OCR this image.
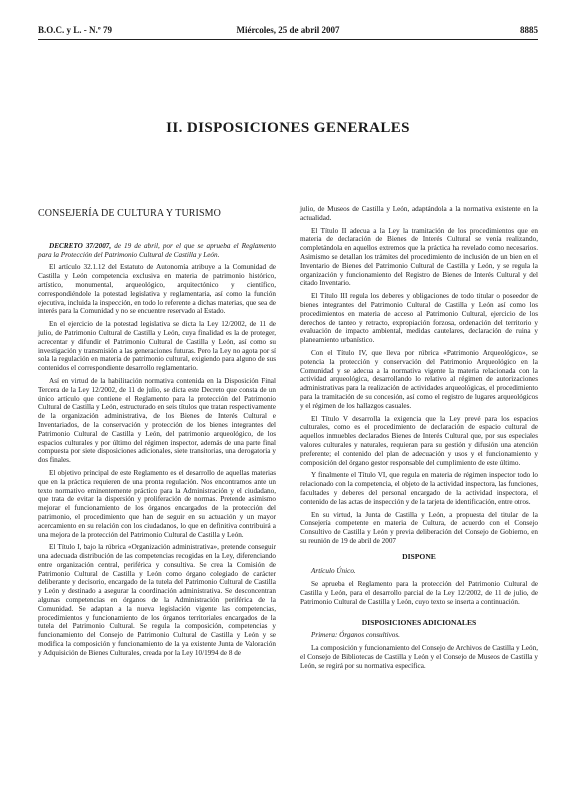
B.O.C. y L. - N.º 79	Miércoles, 25 de abril 2007	8885
II. DISPOSICIONES GENERALES
CONSEJERÍA DE CULTURA Y TURISMO

DECRETO 37/2007, de 19 de abril, por el que se aprueba el Reglamento para la Protección del Patrimonio Cultural de Castilla y León.

El artículo 32.1.12 del Estatuto de Autonomía atribuye a la Comunidad de Castilla y León competencia exclusiva en materia de patrimonio histórico, artístico, monumental, arqueológico, arquitectónico y científico, correspondiéndole la potestad legislativa y reglamentaria, así como la función ejecutiva, incluida la inspección, en todo lo referente a dichas materias, que sea de interés para la Comunidad y no se encuentre reservado al Estado.

En el ejercicio de la potestad legislativa se dicta la Ley 12/2002, de 11 de julio, de Patrimonio Cultural de Castilla y León, cuya finalidad es la de proteger, acrecentar y difundir el Patrimonio Cultural de Castilla y León, así como su investigación y transmisión a las generaciones futuras. Pero la Ley no agota por sí sola la regulación en materia de patrimonio cultural, exigiendo para alguno de sus contenidos el correspondiente desarrollo reglamentario.

Así en virtud de la habilitación normativa contenida en la Disposición Final Tercera de la Ley 12/2002, de 11 de julio, se dicta este Decreto que consta de un único artículo que contiene el Reglamento para la protección del Patrimonio Cultural de Castilla y León, estructurado en seis títulos que tratan respectivamente de la organización administrativa, de los Bienes de Interés Cultural e Inventariados, de la conservación y protección de los bienes integrantes del Patrimonio Cultural de Castilla y León, del patrimonio arqueológico, de los espacios culturales y por último del régimen inspector, además de una parte final compuesta por siete disposiciones adicionales, siete transitorias, una derogatoria y dos finales.

El objetivo principal de este Reglamento es el desarrollo de aquellas materias que en la práctica requieren de una pronta regulación. Nos encontramos ante un texto normativo eminentemente práctico para la Administración y el ciudadano, que trata de evitar la dispersión y proliferación de normas. Pretende asimismo mejorar el funcionamiento de los órganos encargados de la protección del patrimonio, el procedimiento que han de seguir en su actuación y un mayor acercamiento en su relación con los ciudadanos, lo que en definitiva contribuirá a una mejora de la protección del Patrimonio Cultural de Castilla y León.

El Título I, bajo la rúbrica «Organización administrativa», pretende conseguir una adecuada distribución de las competencias recogidas en la Ley, diferenciando entre organización central, periférica y consultiva. Se crea la Comisión de Patrimonio Cultural de Castilla y León como órgano colegiado de carácter deliberante y decisorio, encargado de la tutela del Patrimonio Cultural de Castilla y León y destinado a asegurar la coordinación administrativa. Se desconcentran algunas competencias en órganos de la Administración periférica de la Comunidad. Se adaptan a la nueva legislación vigente las competencias, procedimientos y funcionamiento de los órganos territoriales encargados de la tutela del Patrimonio Cultural. Se regula la composición, competencias y funcionamiento del Consejo de Patrimonio Cultural de Castilla y León y se modifica la composición y funcionamiento de la ya existente Junta de Valoración y Adquisición de Bienes Culturales, creada por la Ley 10/1994 de 8 de

julio, de Museos de Castilla y León, adaptándola a la normativa existente en la actualidad.

El Título II adecua a la Ley la tramitación de los procedimientos que en materia de declaración de Bienes de Interés Cultural se venía realizando, completándola en aquellos extremos que la práctica ha revelado como necesarios. Asimismo se detallan los trámites del procedimiento de inclusión de un bien en el Inventario de Bienes del Patrimonio Cultural de Castilla y León, y se regula la organización y funcionamiento del Registro de Bienes de Interés Cultural y del citado Inventario.

El Título III regula los deberes y obligaciones de todo titular o poseedor de bienes integrantes del Patrimonio Cultural de Castilla y León así como los procedimientos en materia de acceso al Patrimonio Cultural, ejercicio de los derechos de tanteo y retracto, expropiación forzosa, ordenación del territorio y evaluación de impacto ambiental, medidas cautelares, declaración de ruina y planeamiento urbanístico.

Con el Título IV, que lleva por rúbrica «Patrimonio Arqueológico», se potencia la protección y conservación del Patrimonio Arqueológico en la Comunidad y se adecua a la normativa vigente la materia relacionada con la actividad arqueológica, desarrollando lo relativo al régimen de autorizaciones administrativas para la realización de actividades arqueológicas, el procedimiento para la tramitación de su concesión, así como el registro de lugares arqueológicos y el régimen de los hallazgos casuales.

El Título V desarrolla la exigencia que la Ley prevé para los espacios culturales, como es el procedimiento de declaración de espacio cultural de aquellos inmuebles declarados Bienes de Interés Cultural que, por sus especiales valores culturales y naturales, requieran para su gestión y difusión una atención preferente; el contenido del plan de adecuación y usos y el funcionamiento y composición del órgano gestor responsable del cumplimiento de este último.

Y finalmente el Título VI, que regula en materia de régimen inspector todo lo relacionado con la competencia, el objeto de la actividad inspectora, las funciones, facultades y deberes del personal encargado de la actividad inspectora, el contenido de las actas de inspección y de la tarjeta de identificación, entre otros.

En su virtud, la Junta de Castilla y León, a propuesta del titular de la Consejería competente en materia de Cultura, de acuerdo con el Consejo Consultivo de Castilla y León y previa deliberación del Consejo de Gobierno, en su reunión de 19 de abril de 2007

DISPONE

Artículo Único.

Se aprueba el Reglamento para la protección del Patrimonio Cultural de Castilla y León, para el desarrollo parcial de la Ley 12/2002, de 11 de julio, de Patrimonio Cultural de Castilla y León, cuyo texto se inserta a continuación.

DISPOSICIONES ADICIONALES

Primera: Órganos consultivos.

La composición y funcionamiento del Consejo de Archivos de Castilla y León, el Consejo de Bibliotecas de Castilla y León y el Consejo de Museos de Castilla y León, se regirá por su normativa específica.
